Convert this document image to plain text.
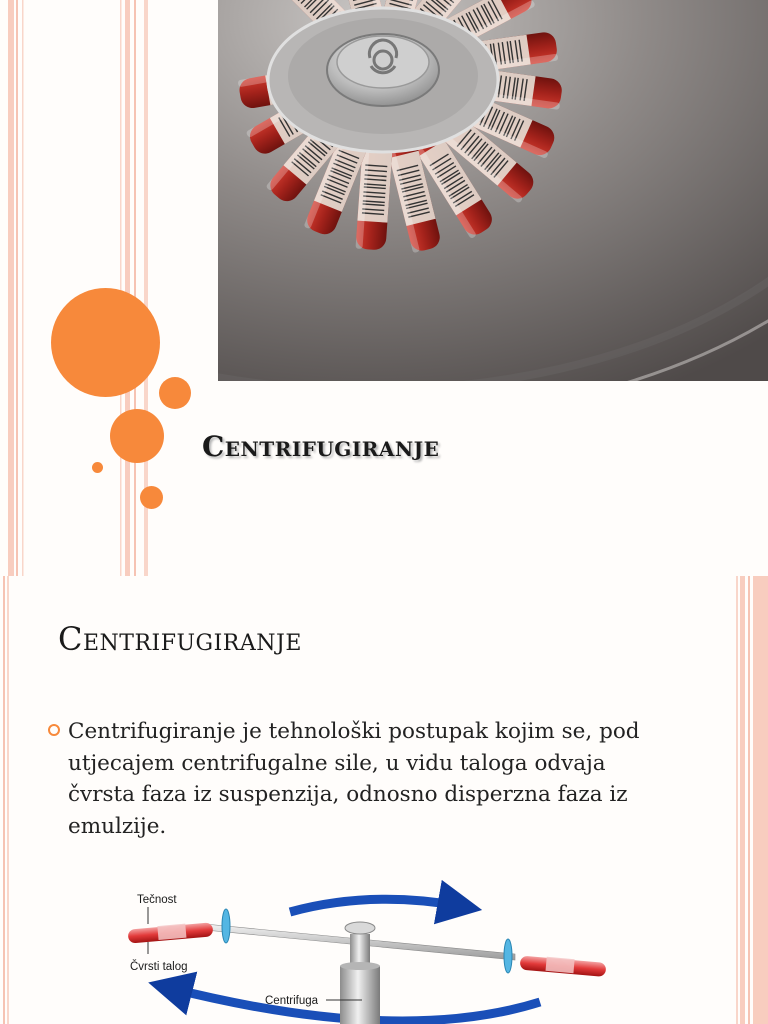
Centrifugiranje
Centrifugiranje
Centrifugiranje je tehnološki postupak kojim se, pod utjecajem centrifugalne sile, u vidu taloga odvaja čvrsta faza iz suspenzija, odnosno disperzna faza iz emulzije.
Tečnost
Čvrsti talog
Centrifuga
